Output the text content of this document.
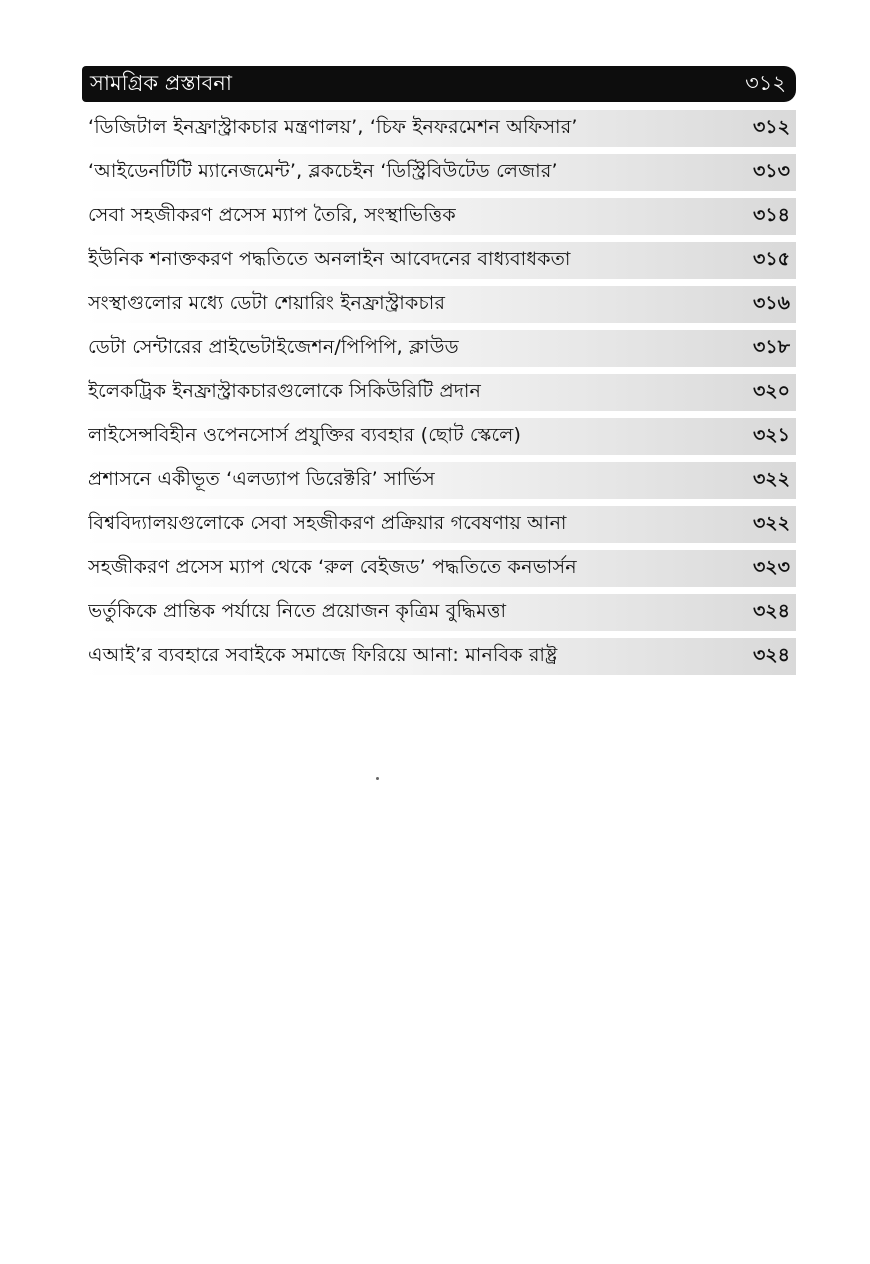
সামগ্রিক প্রস্তাবনা	৩১২
‘ডিজিটাল ইনফ্রাস্ট্রাকচার মন্ত্রণালয়’, ‘চিফ ইনফরমেশন অফিসার’	৩১২
‘আইডেনটিটি ম্যানেজমেন্ট’, ব্লকচেইন ‘ডিস্ট্রিবিউটেড লেজার’	৩১৩
সেবা সহজীকরণ প্রসেস ম্যাপ তৈরি, সংস্থাভিত্তিক	৩১৪
ইউনিক শনাক্তকরণ পদ্ধতিতে অনলাইন আবেদনের বাধ্যবাধকতা	৩১৫
সংস্থাগুলোর মধ্যে ডেটা শেয়ারিং ইনফ্রাস্ট্রাকচার	৩১৬
ডেটা সেন্টারের প্রাইভেটাইজেশন/পিপিপি, ক্লাউড	৩১৮
ইলেকট্রিক ইনফ্রাস্ট্রাকচারগুলোকে সিকিউরিটি প্রদান	৩২০
লাইসেন্সবিহীন ওপেনসোর্স প্রযুক্তির ব্যবহার (ছোট স্কেলে)	৩২১
প্রশাসনে একীভূত ‘এলড্যাপ ডিরেক্টরি’ সার্ভিস	৩২২
বিশ্ববিদ্যালয়গুলোকে সেবা সহজীকরণ প্রক্রিয়ার গবেষণায় আনা	৩২২
সহজীকরণ প্রসেস ম্যাপ থেকে ‘রুল বেইজড’ পদ্ধতিতে কনভার্সন	৩২৩
ভর্তুকিকে প্রান্তিক পর্যায়ে নিতে প্রয়োজন কৃত্রিম বুদ্ধিমত্তা	৩২৪
এআই’র ব্যবহারে সবাইকে সমাজে ফিরিয়ে আনা: মানবিক রাষ্ট্র	৩২৪
